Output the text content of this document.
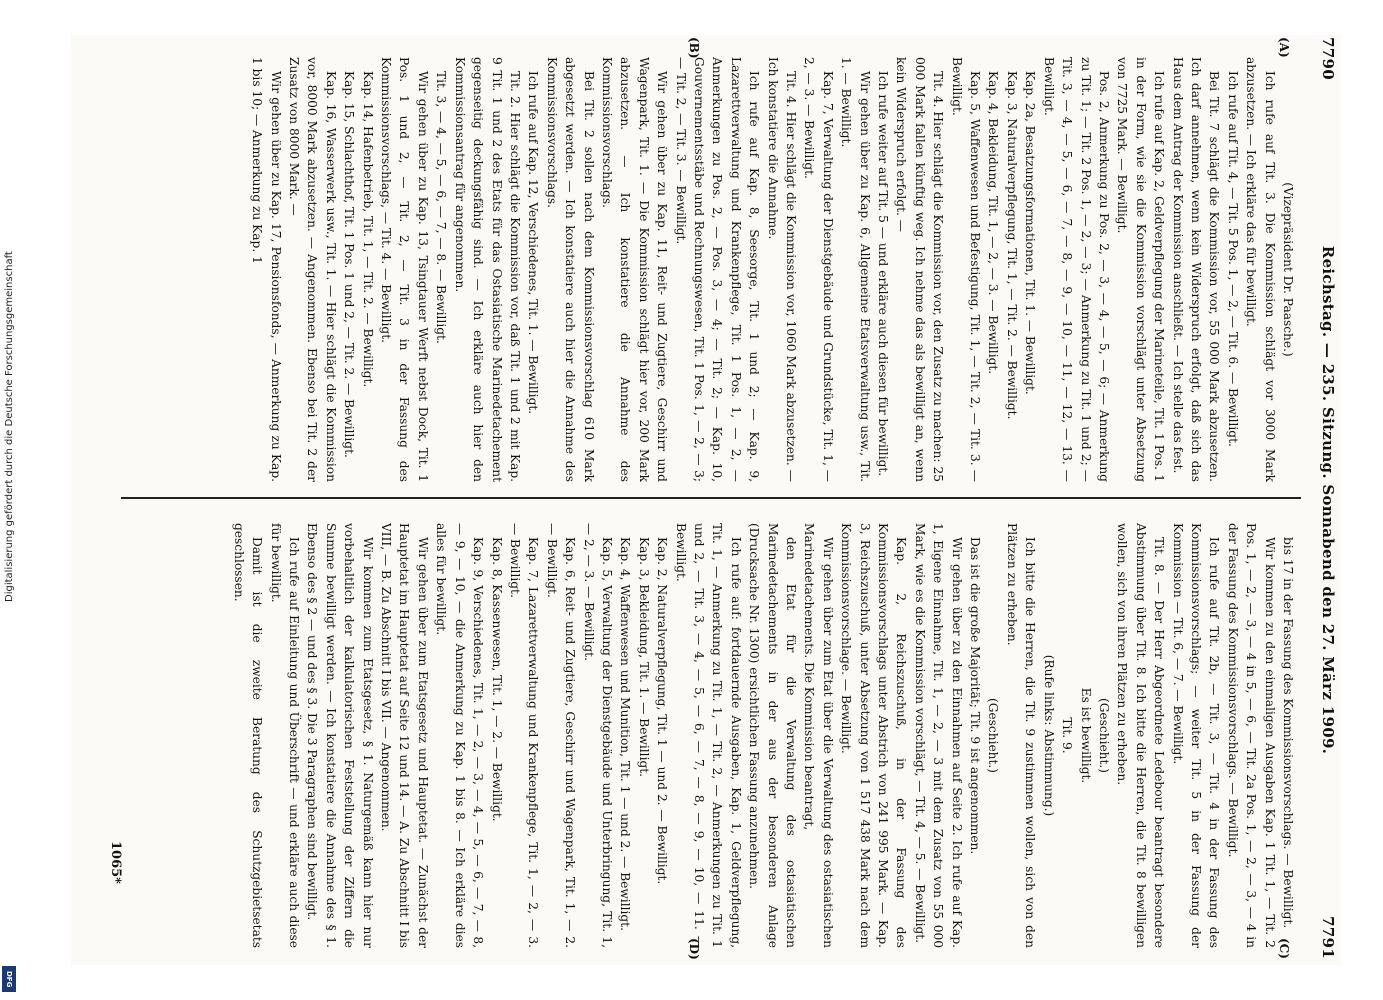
7790
Reichstag. — 235. Sitzung. Sonnabend den 27. März 1909.
7791
(A)
(B)
(C)
(D)

(Vizepräsident Dr. Paasche.)

Ich rufe auf Tit. 3. Die Kommission schlägt vor 3000 Mark abzusetzen. — Ich erkläre das für bewilligt.

Ich rufe auf Tit. 4, — Tit. 5 Pos. 1, — 2, — Tit. 6. — Bewilligt.

Bei Tit. 7 schlägt die Kommission vor, 55 000 Mark abzusetzen. Ich darf annehmen, wenn kein Widerspruch erfolgt, daß sich das Haus dem Antrag der Kommission anschließt. — Ich stelle das fest.

Ich rufe auf Kap. 2, Geldverpflegung der Marineteile, Tit. 1 Pos. 1 in der Form, wie sie die Kommission vorschlägt unter Absetzung von 7725 Mark. — Bewilligt.

Pos. 2, Anmerkung zu Pos. 2, — 3, — 4, — 5, — 6; — Anmerkung zu Tit. 1; — Tit. 2 Pos. 1, — 2, — 3; — Anmerkung zu Tit. 1 und 2; — Tit. 3, — 4, — 5, — 6, — 7, — 8, — 9, — 10, — 11, — 12, — 13. — Bewilligt.

Kap. 2a, Besatzungsformationen, Tit. 1. — Bewilligt.

Kap. 3, Naturalverpflegung, Tit. 1, — Tit. 2. — Bewilligt.

Kap. 4, Bekleidung, Tit. 1, — 2, — 3. — Bewilligt.

Kap. 5, Waffenwesen und Befestigung, Tit. 1, — Tit. 2, — Tit. 3. — Bewilligt.

Tit. 4. Hier schlägt die Kommission vor, den Zusatz zu machen: 25 000 Mark fallen künftig weg. Ich nehme das als bewilligt an, wenn kein Widerspruch erfolgt. —

Ich rufe weiter auf Tit. 5 — und erkläre auch diesen für bewilligt.

Wir gehen über zu Kap. 6, Allgemeine Etatsverwaltung usw., Tit. 1. — Bewilligt.

Kap. 7, Verwaltung der Dienstgebäude und Grundstücke, Tit. 1, — 2, — 3. — Bewilligt.

Tit. 4. Hier schlägt die Kommission vor, 1060 Mark abzusetzen. — Ich konstatiere die Annahme.

Ich rufe auf Kap. 8, Seesorge, Tit. 1 und 2; — Kap. 9, Lazarettverwaltung und Krankenpflege, Tit. 1 Pos. 1, — 2, — Anmerkungen zu Pos. 2, — Pos. 3, — 4; — Tit. 2; — Kap. 10, Gouvernementsstäbe und Rechnungswesen, Tit. 1 Pos. 1, — 2, — 3; — Tit. 2, — Tit. 3. — Bewilligt.

Wir gehen über zu Kap. 11, Reit- und Zugtiere, Geschirr und Wagenpark, Tit. 1. — Die Kommission schlägt hier vor, 200 Mark abzusetzen. — Ich konstatiere die Annahme des Kommissionsvorschlags.

Bei Tit. 2 sollen nach dem Kommissionsvorschlag 610 Mark abgesetzt werden. — Ich konstatiere auch hier die Annahme des Kommissionsvorschlags.

Ich rufe auf Kap. 12, Verschiedenes, Tit. 1. — Bewilligt.

Tit. 2. Hier schlägt die Kommission vor, daß Tit. 1 und 2 mit Kap. 9 Tit. 1 und 2 des Etats für das Ostasiatische Marinedetachement gegenseitig deckungsfähig sind. — Ich erkläre auch hier den Kommissionsantrag für angenommen.

Tit. 3, — 4, — 5, — 6, — 7, — 8. — Bewilligt.

Wir gehen über zu Kap. 13, Tsingtauer Werft nebst Dock, Tit. 1 Pos. 1 und 2, — Tit. 2, — Tit. 3 in der Fassung des Kommissionsvorschlags, — Tit. 4. — Bewilligt.

Kap. 14, Hafenbetrieb, Tit. 1, — Tit. 2. — Bewilligt.

Kap. 15, Schlachthof, Tit. 1 Pos. 1 und 2, — Tit. 2. — Bewilligt.

Kap. 16, Wasserwerk usw., Tit. 1. — Hier schlägt die Kommission vor, 8000 Mark abzusetzen. — Angenommen. Ebenso bei Tit. 2 der Zusatz von 8000 Mark. —

Wir gehen über zu Kap. 17, Pensionsfonds, — Anmerkung zu Kap. 1 bis 10; — Anmerkung zu Kap. 1

bis 17 in der Fassung des Kommissionsvorschlags. — Bewilligt.

Wir kommen zu den einmaligen Ausgaben Kap. 1 Tit. 1, — Tit. 2 Pos. 1, — 2, — 3, — 4 in 5, — 6, — Tit. 2a Pos. 1, — 2, — 3, — 4 in der Fassung des Kommissionsvorschlags. — Bewilligt.

Ich rufe auf Tit. 2b, — Tit. 3, — Tit. 4 in der Fassung des Kommissionsvorschlags; — weiter Tit. 5 in der Fassung der Kommission — Tit. 6, — 7. — Bewilligt.

Tit. 8. — Der Herr Abgeordnete Ledebour beantragt besondere Abstimmung über Tit. 8. Ich bitte die Herren, die Tit. 8 bewilligen wollen, sich von ihren Plätzen zu erheben.

(Geschieht.)

Es ist bewilligt.

Tit. 9.

(Rufe links: Abstimmung.)

Ich bitte die Herren, die Tit. 9 zustimmen wollen, sich von den Plätzen zu erheben.

(Geschieht.)

Das ist die große Majorität; Tit. 9 ist angenommen.

Wir gehen über zu den Einnahmen auf Seite 2. Ich rufe auf Kap. 1, Eigene Einnahme, Tit. 1, — 2, — 3 mit dem Zusatz von 55 000 Mark, wie es die Kommission vorschlägt, — Tit. 4, — 5. — Bewilligt.

Kap. 2, Reichszuschuß, in der Fassung des Kommissionsvorschlags unter Abstrich von 241 995 Mark. — Kap. 3, Reichszuschuß, unter Absetzung von 1 517 438 Mark nach dem Kommissionsvorschlage. — Bewilligt.

Wir gehen über zum Etat über die Verwaltung des ostasiatischen Marinedetachements. Die Kommission beantragt,

den Etat für die Verwaltung des ostasiatischen Marinedetachements in der aus der besonderen Anlage (Drucksache Nr. 1300) ersichtlichen Fassung anzunehmen.

Ich rufe auf: fortdauernde Ausgaben, Kap. 1, Geldverpflegung, Tit. 1, — Anmerkung zu Tit. 1, — Tit. 2, — Anmerkungen zu Tit. 1 und 2, — Tit. 3, — 4, — 5, — 6, — 7, — 8, — 9, — 10, — 11. — Bewilligt.

Kap. 2, Naturalverpflegung, Tit. 1 — und 2. — Bewilligt.

Kap. 3, Bekleidung, Tit. 1. — Bewilligt.

Kap. 4, Waffenwesen und Munition, Tit. 1 — und 2. — Bewilligt.

Kap. 5, Verwaltung der Dienstgebäude und Unterbringung, Tit. 1, — 2, — 3. — Bewilligt.

Kap. 6, Reit- und Zugtiere, Geschirr und Wagenpark, Tit. 1, — 2. — Bewilligt.

Kap. 7, Lazarettverwaltung und Krankenpflege, Tit. 1, — 2, — 3. — Bewilligt.

Kap. 8, Kassenwesen, Tit. 1, — 2. — Bewilligt.

Kap. 9, Verschiedenes, Tit. 1, — 2, — 3, — 4, — 5, — 6, — 7, — 8, — 9, — 10, — die Anmerkung zu Kap. 1 bis 8. — Ich erkläre dies alles für bewilligt.

Wir gehen über zum Etatsgesetz und Hauptetat. — Zunächst der Hauptetat im Hauptetat auf Seite 12 und 14. — A. Zu Abschnitt I bis VIII, — B. Zu Abschnitt I bis VII. — Angenommen.

Wir kommen zum Etatsgesetz, § 1. Naturgemäß kann hier nur vorbehaltlich der kalkulatorischen Feststellung der Ziffern die Summe bewilligt werden. — Ich konstatiere die Annahme des § 1. Ebenso des § 2 — und des § 3. Die 3 Paragraphen sind bewilligt.

Ich rufe auf Einleitung und Überschrift — und erkläre auch diese für bewilligt.

Damit ist die zweite Beratung des Schutzgebietsetats geschlossen.

1065*
Digitalisierung gefördert durch die Deutsche Forschungsgemeinschaft
DFG
